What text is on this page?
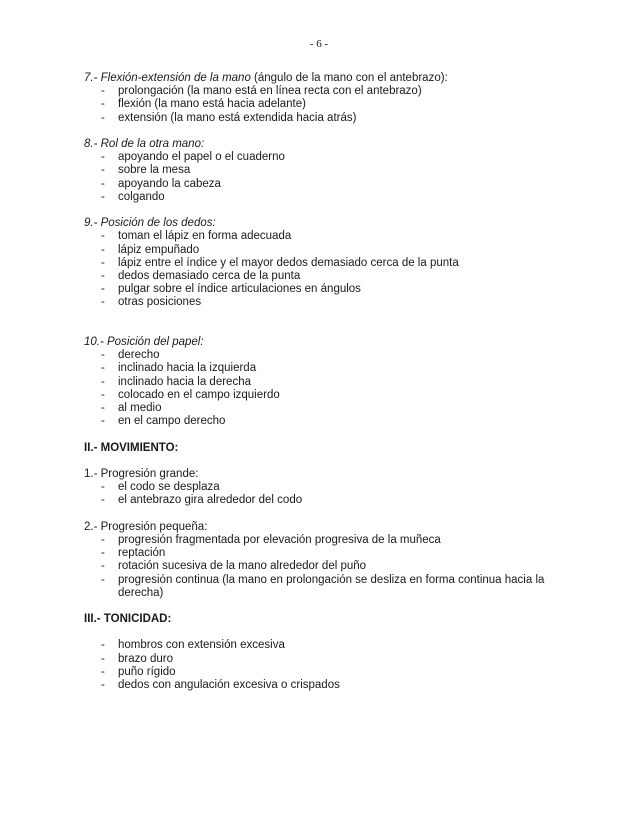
- 6 -
7.- Flexión-extensión de la mano (ángulo de la mano con el antebrazo):
- prolongación (la mano está en línea recta con el antebrazo)
- flexión (la mano está hacia adelante)
- extensión (la mano está extendida hacia atrás)
8.- Rol de la otra mano:
- apoyando el papel o el cuaderno
- sobre la mesa
- apoyando la cabeza
- colgando
9.- Posición de los dedos:
- toman el lápiz en forma adecuada
- lápiz empuñado
- lápiz entre el índice y el mayor dedos demasiado cerca de la punta
- dedos demasiado cerca de la punta
- pulgar sobre el índice articulaciones en ángulos
- otras posiciones
10.- Posición del papel:
- derecho
- inclinado hacia la izquierda
- inclinado hacia la derecha
- colocado en el campo izquierdo
- al medio
- en el campo derecho
II.- MOVIMIENTO:
1.- Progresión grande:
- el codo se desplaza
- el antebrazo gira alrededor del codo
2.- Progresión pequeña:
- progresión fragmentada por elevación progresiva de la muñeca
- reptación
- rotación sucesiva de la mano alrededor del puño
- progresión continua (la mano en prolongación se desliza en forma continua hacia la derecha)
III.- TONICIDAD:
- hombros con extensión excesiva
- brazo duro
- puño rígido
- dedos con angulación excesiva o crispados
